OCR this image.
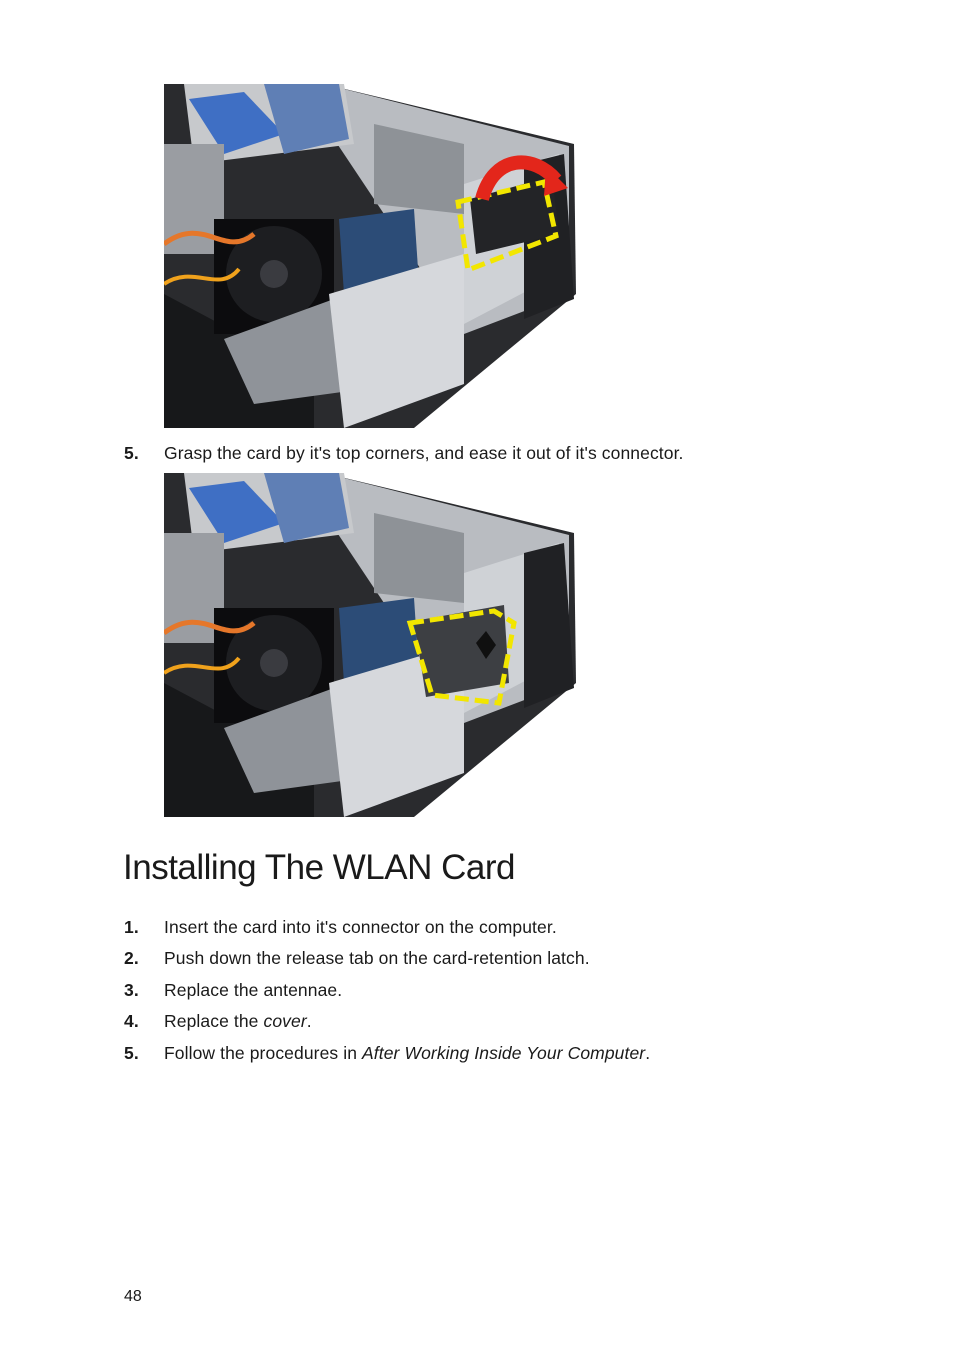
5. Grasp the card by it's top corners, and ease it out of it's connector.
Installing The WLAN Card
1. Insert the card into it's connector on the computer.
2. Push down the release tab on the card-retention latch.
3. Replace the antennae.
4. Replace the cover.
5. Follow the procedures in After Working Inside Your Computer.
48
